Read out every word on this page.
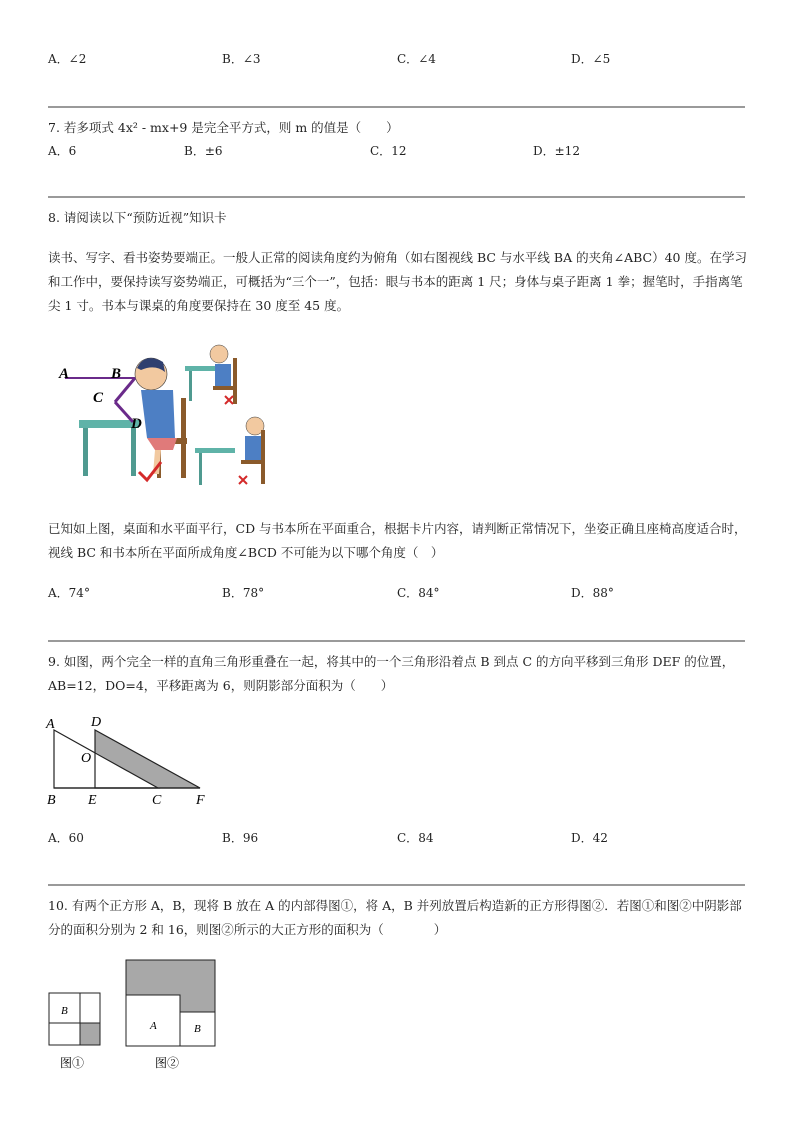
A．∠2	B．∠3	C．∠4	D．∠5
7. 若多项式 4x² - mx+9 是完全平方式，则 m 的值是（　　）
A．6	B．±6	C．12	D．±12
8. 请阅读以下“预防近视”知识卡
读书、写字、看书姿势要端正。一般人正常的阅读角度约为俯角（如右图视线 BC 与水平线 BA 的夹角∠ABC）40 度。在学习和工作中，要保持读写姿势端正，可概括为“三个一”，包括：眼与书本的距离 1 尺；身体与桌子距离 1 拳；握笔时，手指离笔尖 1 寸。书本与课桌的角度要保持在 30 度至 45 度。
A	B
C
D
已知如上图，桌面和水平面平行，CD 与书本所在平面重合，根据卡片内容，请判断正常情况下，坐姿正确且座椅高度适合时，视线 BC 和书本所在平面所成角度∠BCD 不可能为以下哪个角度（　）
A．74°	B．78°	C．84°	D．88°
9. 如图，两个完全一样的直角三角形重叠在一起，将其中的一个三角形沿着点 B 到点 C 的方向平移到三角形 DEF 的位置，AB=12，DO=4，平移距离为 6，则阴影部分面积为（　　）
A	D
O
B E	C F
A．60	B．96	C．84	D．42
10. 有两个正方形 A，B，现将 B 放在 A 的内部得图①，将 A，B 并列放置后构造新的正方形得图②．若图①和图②中阴影部分的面积分别为 2 和 16，则图②所示的大正方形的面积为（　　　　）
B
图①
A	B
图②
